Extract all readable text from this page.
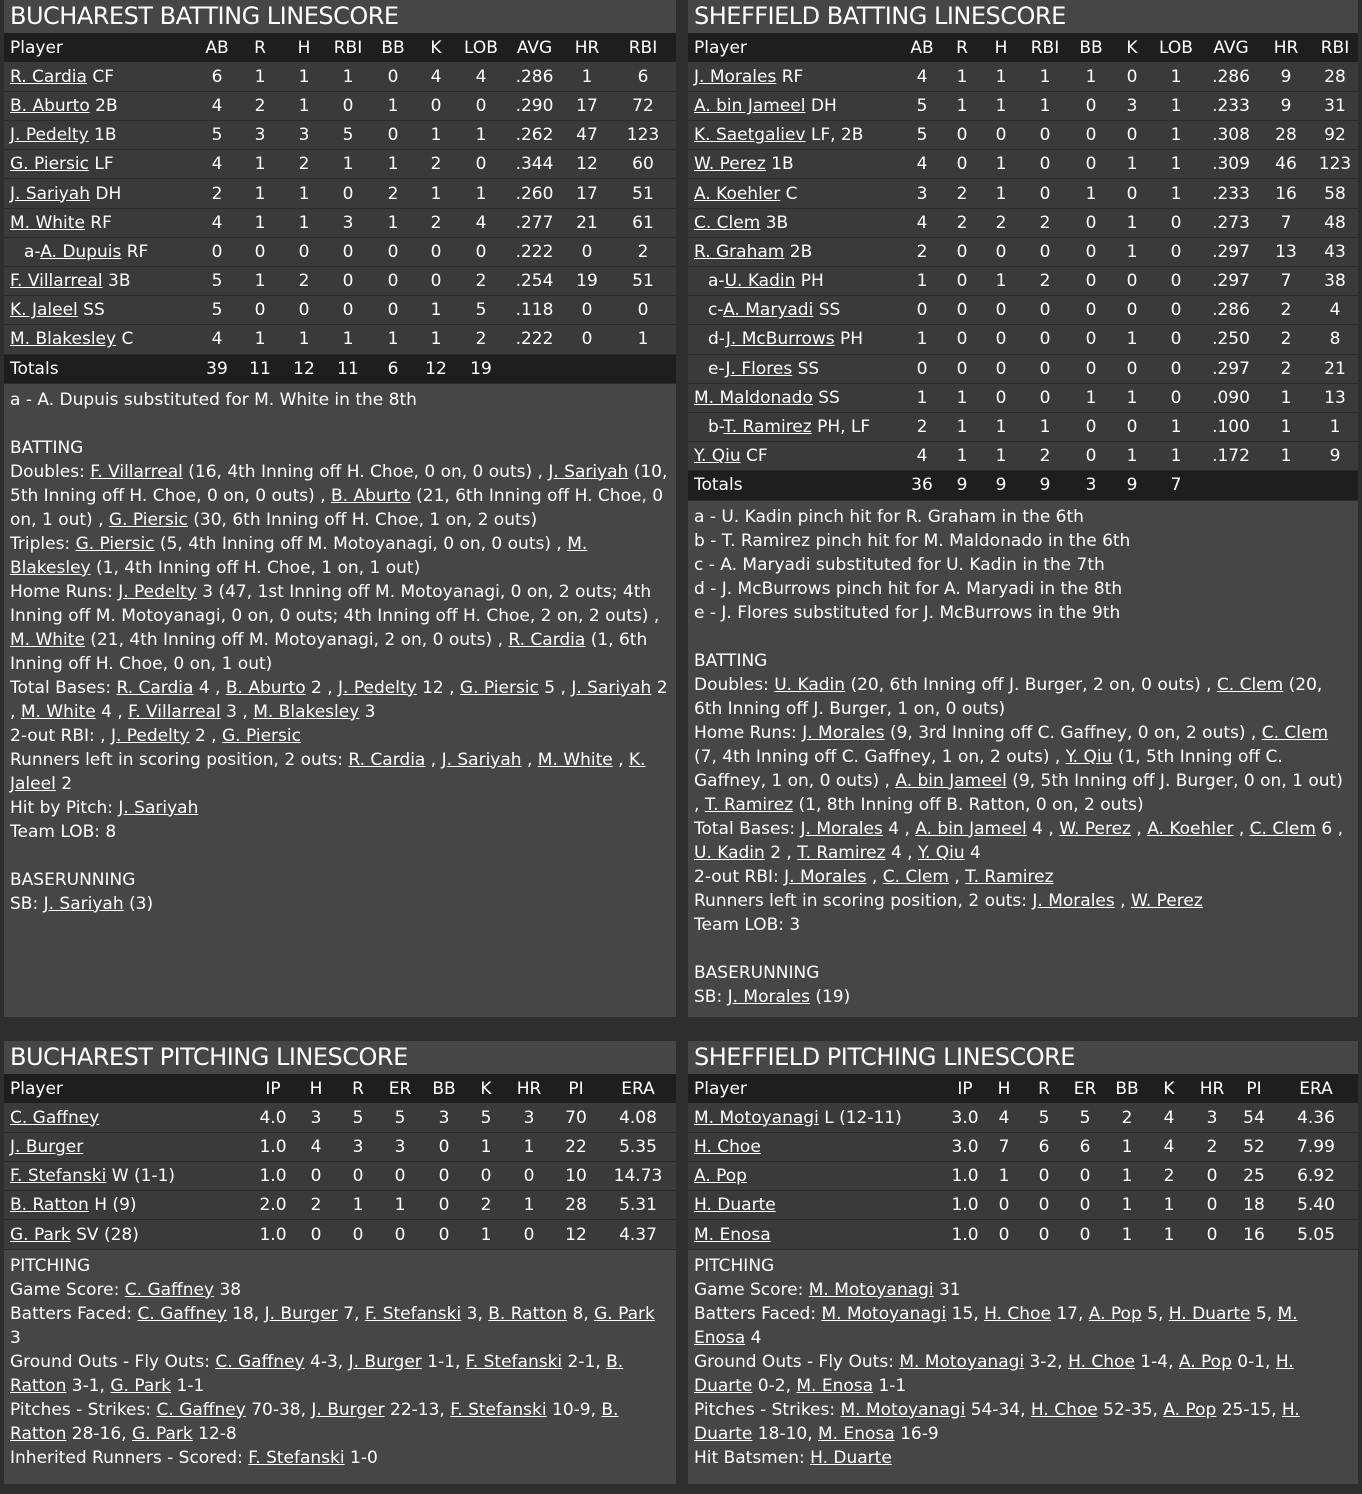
BUCHAREST BATTING LINESCORE
Player	AB	R	H	RBI	BB	K	LOB	AVG	HR	RBI
R. Cardia CF	6	1	1	1	0	4	4	.286	1	6
B. Aburto 2B	4	2	1	0	1	0	0	.290	17	72
J. Pedelty 1B	5	3	3	5	0	1	1	.262	47	123
G. Piersic LF	4	1	2	1	1	2	0	.344	12	60
J. Sariyah DH	2	1	1	0	2	1	1	.260	17	51
M. White RF	4	1	1	3	1	2	4	.277	21	61
a-A. Dupuis RF	0	0	0	0	0	0	0	.222	0	2
F. Villarreal 3B	5	1	2	0	0	0	2	.254	19	51
K. Jaleel SS	5	0	0	0	0	1	5	.118	0	0
M. Blakesley C	4	1	1	1	1	1	2	.222	0	1
Totals	39	11	12	11	6	12	19			

a - A. Dupuis substituted for M. White in the 8th

BATTING

Doubles: F. Villarreal (16, 4th Inning off H. Choe, 0 on, 0 outs) , J. Sariyah (10, 5th Inning off H. Choe, 0 on, 0 outs) , B. Aburto (21, 6th Inning off H. Choe, 0 on, 1 out) , G. Piersic (30, 6th Inning off H. Choe, 1 on, 2 outs)

Triples: G. Piersic (5, 4th Inning off M. Motoyanagi, 0 on, 0 outs) , M. Blakesley (1, 4th Inning off H. Choe, 1 on, 1 out)

Home Runs: J. Pedelty 3 (47, 1st Inning off M. Motoyanagi, 0 on, 2 outs; 4th Inning off M. Motoyanagi, 0 on, 0 outs; 4th Inning off H. Choe, 2 on, 2 outs) , M. White (21, 4th Inning off M. Motoyanagi, 2 on, 0 outs) , R. Cardia (1, 6th Inning off H. Choe, 0 on, 1 out)

Total Bases: R. Cardia 4 , B. Aburto 2 , J. Pedelty 12 , G. Piersic 5 , J. Sariyah 2 , M. White 4 , F. Villarreal 3 , M. Blakesley 3

2-out RBI: , J. Pedelty 2 , G. Piersic

Runners left in scoring position, 2 outs: R. Cardia , J. Sariyah , M. White , K. Jaleel 2

Hit by Pitch: J. Sariyah

Team LOB: 8

BASERUNNING

SB: J. Sariyah (3)

SHEFFIELD BATTING LINESCORE
Player	AB	R	H	RBI	BB	K	LOB	AVG	HR	RBI
J. Morales RF	4	1	1	1	1	0	1	.286	9	28
A. bin Jameel DH	5	1	1	1	0	3	1	.233	9	31
K. Saetgaliev LF, 2B	5	0	0	0	0	0	1	.308	28	92
W. Perez 1B	4	0	1	0	0	1	1	.309	46	123
A. Koehler C	3	2	1	0	1	0	1	.233	16	58
C. Clem 3B	4	2	2	2	0	1	0	.273	7	48
R. Graham 2B	2	0	0	0	0	1	0	.297	13	43
a-U. Kadin PH	1	0	1	2	0	0	0	.297	7	38
c-A. Maryadi SS	0	0	0	0	0	0	0	.286	2	4
d-J. McBurrows PH	1	0	0	0	0	1	0	.250	2	8
e-J. Flores SS	0	0	0	0	0	0	0	.297	2	21
M. Maldonado SS	1	1	0	0	1	1	0	.090	1	13
b-T. Ramirez PH, LF	2	1	1	1	0	0	1	.100	1	1
Y. Qiu CF	4	1	1	2	0	1	1	.172	1	9
Totals	36	9	9	9	3	9	7			

a - U. Kadin pinch hit for R. Graham in the 6th

b - T. Ramirez pinch hit for M. Maldonado in the 6th

c - A. Maryadi substituted for U. Kadin in the 7th

d - J. McBurrows pinch hit for A. Maryadi in the 8th

e - J. Flores substituted for J. McBurrows in the 9th

BATTING

Doubles: U. Kadin (20, 6th Inning off J. Burger, 2 on, 0 outs) , C. Clem (20, 6th Inning off J. Burger, 1 on, 0 outs)

Home Runs: J. Morales (9, 3rd Inning off C. Gaffney, 0 on, 2 outs) , C. Clem (7, 4th Inning off C. Gaffney, 1 on, 2 outs) , Y. Qiu (1, 5th Inning off C. Gaffney, 1 on, 0 outs) , A. bin Jameel (9, 5th Inning off J. Burger, 0 on, 1 out) , T. Ramirez (1, 8th Inning off B. Ratton, 0 on, 2 outs)

Total Bases: J. Morales 4 , A. bin Jameel 4 , W. Perez , A. Koehler , C. Clem 6 , U. Kadin 2 , T. Ramirez 4 , Y. Qiu 4

2-out RBI: J. Morales , C. Clem , T. Ramirez

Runners left in scoring position, 2 outs: J. Morales , W. Perez

Team LOB: 3

BASERUNNING

SB: J. Morales (19)

BUCHAREST PITCHING LINESCORE
Player	IP	H	R	ER	BB	K	HR	PI	ERA
C. Gaffney	4.0	3	5	5	3	5	3	70	4.08
J. Burger	1.0	4	3	3	0	1	1	22	5.35
F. Stefanski W (1-1)	1.0	0	0	0	0	0	0	10	14.73
B. Ratton H (9)	2.0	2	1	1	0	2	1	28	5.31
G. Park SV (28)	1.0	0	0	0	0	1	0	12	4.37

PITCHING

Game Score: C. Gaffney 38

Batters Faced: C. Gaffney 18, J. Burger 7, F. Stefanski 3, B. Ratton 8, G. Park 3

Ground Outs - Fly Outs: C. Gaffney 4-3, J. Burger 1-1, F. Stefanski 2-1, B. Ratton 3-1, G. Park 1-1

Pitches - Strikes: C. Gaffney 70-38, J. Burger 22-13, F. Stefanski 10-9, B. Ratton 28-16, G. Park 12-8

Inherited Runners - Scored: F. Stefanski 1-0

SHEFFIELD PITCHING LINESCORE
Player	IP	H	R	ER	BB	K	HR	PI	ERA
M. Motoyanagi L (12-11)	3.0	4	5	5	2	4	3	54	4.36
H. Choe	3.0	7	6	6	1	4	2	52	7.99
A. Pop	1.0	1	0	0	1	2	0	25	6.92
H. Duarte	1.0	0	0	0	1	1	0	18	5.40
M. Enosa	1.0	0	0	0	1	1	0	16	5.05

PITCHING

Game Score: M. Motoyanagi 31

Batters Faced: M. Motoyanagi 15, H. Choe 17, A. Pop 5, H. Duarte 5, M. Enosa 4

Ground Outs - Fly Outs: M. Motoyanagi 3-2, H. Choe 1-4, A. Pop 0-1, H. Duarte 0-2, M. Enosa 1-1

Pitches - Strikes: M. Motoyanagi 54-34, H. Choe 52-35, A. Pop 25-15, H. Duarte 18-10, M. Enosa 16-9

Hit Batsmen: H. Duarte
